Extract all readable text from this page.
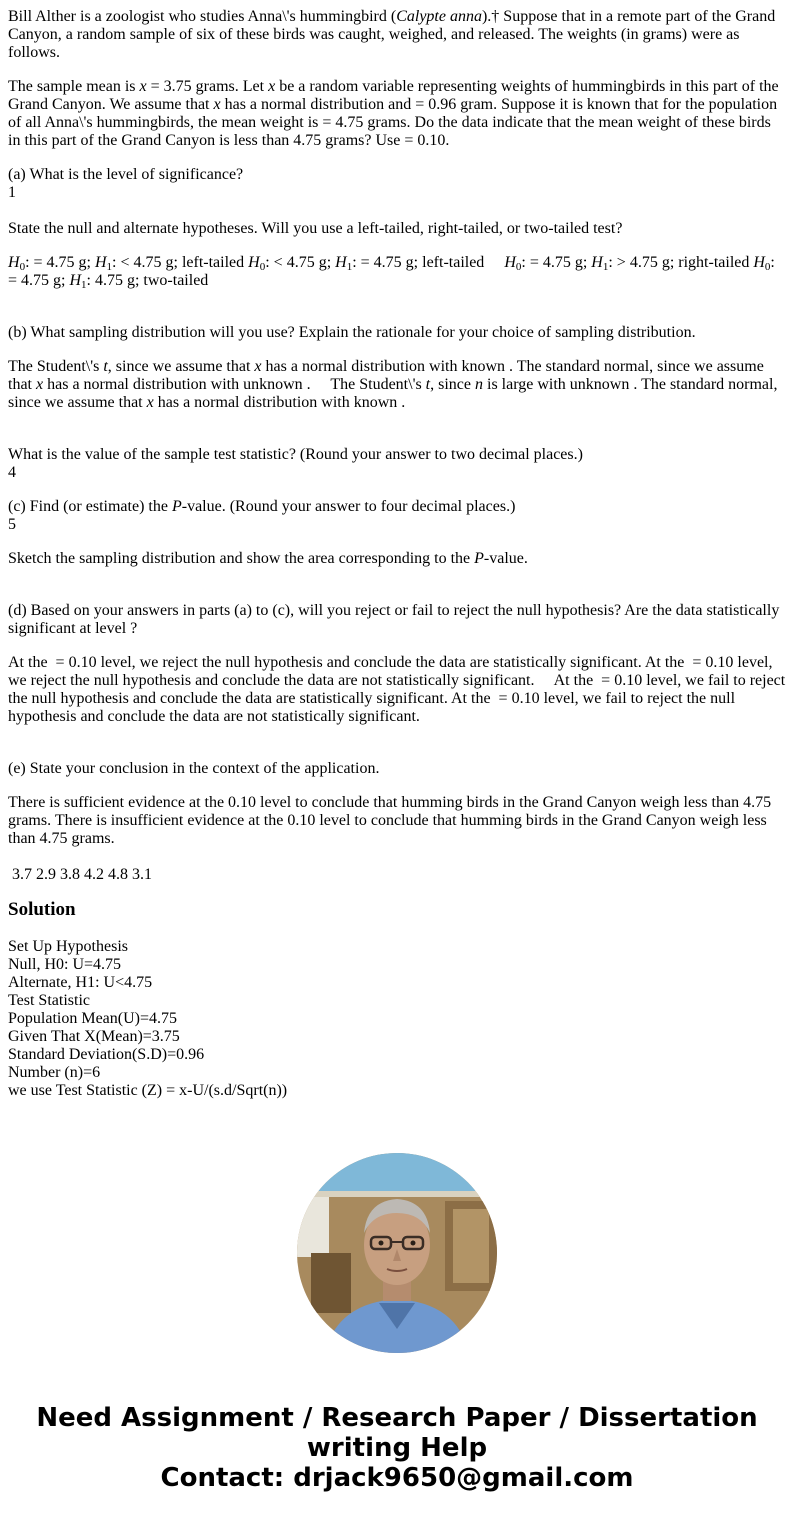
Bill Alther is a zoologist who studies Anna\'s hummingbird (Calypte anna).† Suppose that in a remote part of the Grand Canyon, a random sample of six of these birds was caught, weighed, and released. The weights (in grams) were as follows.

The sample mean is x = 3.75 grams. Let x be a random variable representing weights of hummingbirds in this part of the Grand Canyon. We assume that x has a normal distribution and = 0.96 gram. Suppose it is known that for the population of all Anna\'s hummingbirds, the mean weight is = 4.75 grams. Do the data indicate that the mean weight of these birds in this part of the Grand Canyon is less than 4.75 grams? Use = 0.10.

(a) What is the level of significance?
1

State the null and alternate hypotheses. Will you use a left-tailed, right-tailed, or two-tailed test?

$H_0$: = 4.75 g; $H_1$: < 4.75 g; left-tailed $H_0$: < 4.75 g; $H_1$: = 4.75 g; left-tailed     $H_0$: = 4.75 g; $H_1$: > 4.75 g; right-tailed $H_0$: = 4.75 g; $H_1$: 4.75 g; two-tailed

(b) What sampling distribution will you use? Explain the rationale for your choice of sampling distribution.

The Student\'s t, since we assume that x has a normal distribution with known . The standard normal, since we assume that x has a normal distribution with unknown .     The Student\'s t, since n is large with unknown . The standard normal, since we assume that x has a normal distribution with known .

What is the value of the sample test statistic? (Round your answer to two decimal places.)
4

(c) Find (or estimate) the P-value. (Round your answer to four decimal places.)
5

Sketch the sampling distribution and show the area corresponding to the P-value.

(d) Based on your answers in parts (a) to (c), will you reject or fail to reject the null hypothesis? Are the data statistically significant at level ?

At the  = 0.10 level, we reject the null hypothesis and conclude the data are statistically significant. At the  = 0.10 level, we reject the null hypothesis and conclude the data are not statistically significant.     At the  = 0.10 level, we fail to reject the null hypothesis and conclude the data are statistically significant. At the  = 0.10 level, we fail to reject the null hypothesis and conclude the data are not statistically significant.

(e) State your conclusion in the context of the application.

There is sufficient evidence at the 0.10 level to conclude that humming birds in the Grand Canyon weigh less than 4.75 grams. There is insufficient evidence at the 0.10 level to conclude that humming birds in the Grand Canyon weigh less than 4.75 grams.

3.7 2.9 3.8 4.2 4.8 3.1

Solution
Set Up Hypothesis
Null, H0: U=4.75
Alternate, H1: U<4.75
Test Statistic
Population Mean(U)=4.75
Given That X(Mean)=3.75
Standard Deviation(S.D)=0.96
Number (n)=6
we use Test Statistic (Z) = x-U/(s.d/Sqrt(n))
Need Assignment / Research Paper / Dissertation
writing Help
Contact: drjack9650@gmail.com
